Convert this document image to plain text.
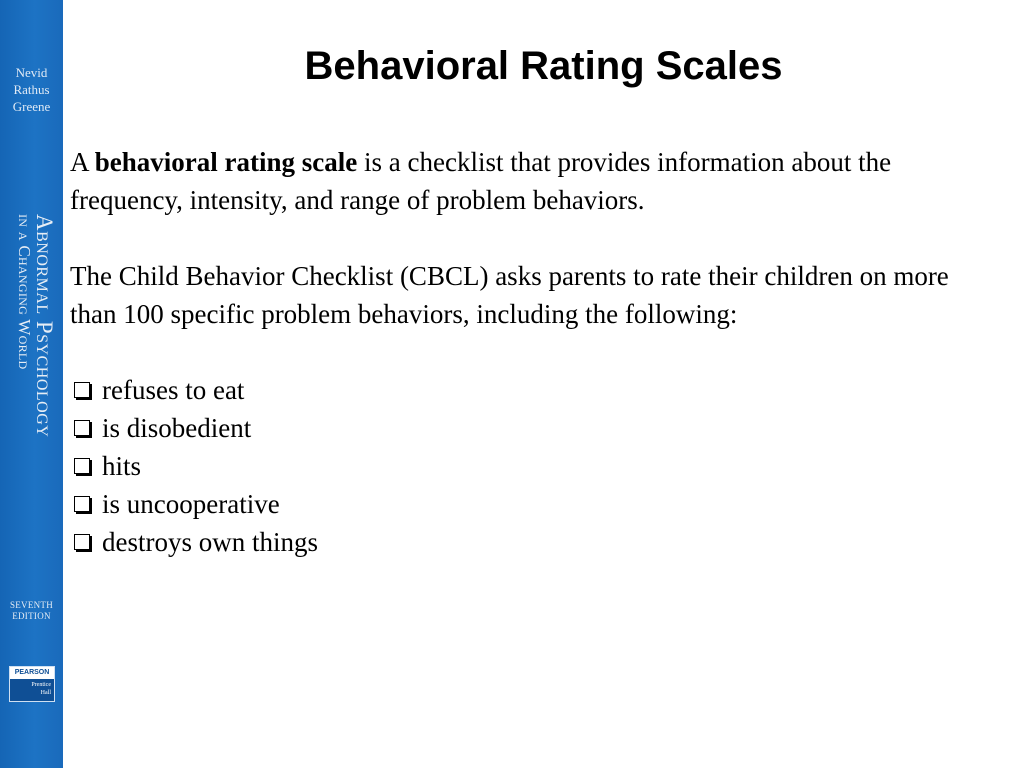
Nevid
Rathus
Greene
Abnormal Psychology
in a Changing World
SEVENTH
EDITION
PEARSON
Prentice
Hall
Behavioral Rating Scales

A behavioral rating scale is a checklist that provides information about the frequency, intensity, and range of problem behaviors.

The Child Behavior Checklist (CBCL) asks parents to rate their children on more than 100 specific problem behaviors, including the following:

refuses to eat
is disobedient
hits
is uncooperative
destroys own things
